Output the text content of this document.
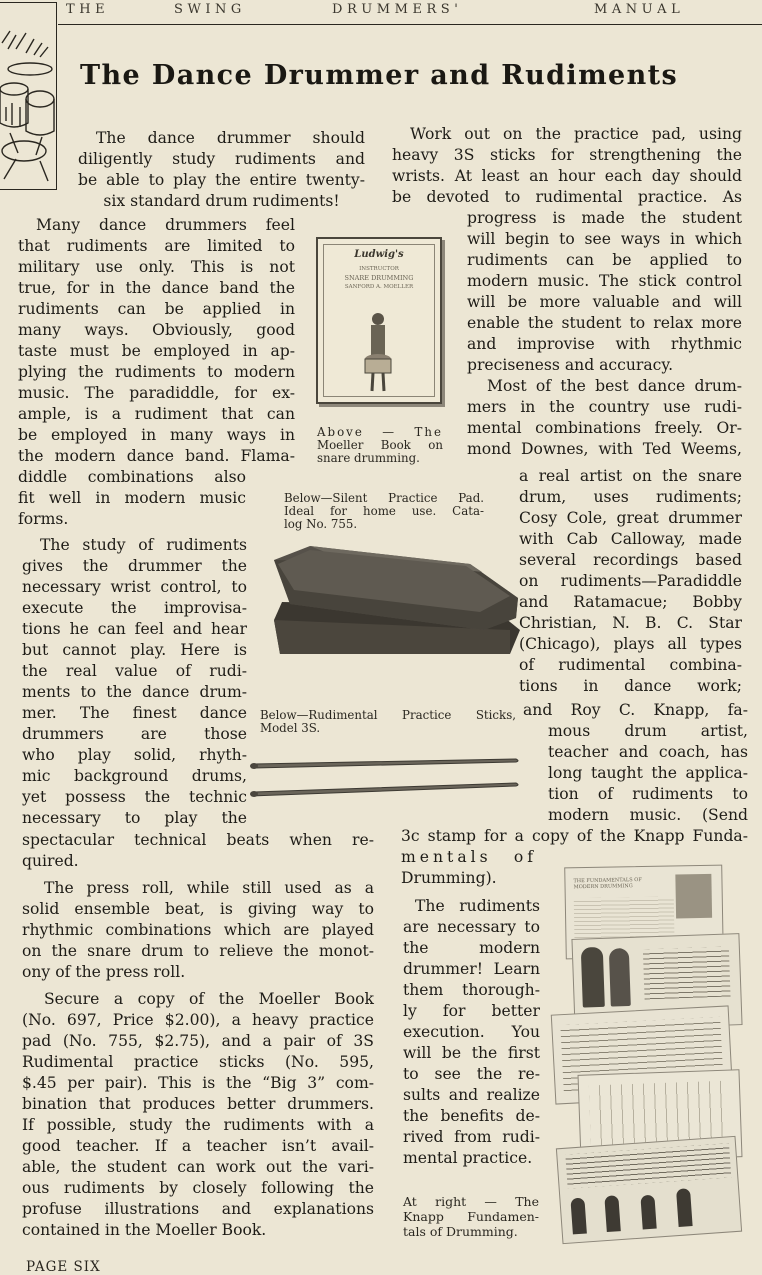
T H E	S W I N G	D R U M M E R S '	M A N U A L
The Dance Drummer and Rudiments
The dance drummer should
diligently study rudiments and
be able to play the entire twenty-
six standard drum rudiments!
Many dance drummers feel
that rudiments are limited to
military use only. This is not
true, for in the dance band the
rudiments can be applied in
many ways. Obviously, good
taste must be employed in ap-
plying the rudiments to modern
music. The paradiddle, for ex-
ample, is a rudiment that can
be employed in many ways in
the modern dance band. Flama-
diddle combinations also
fit well in modern music
forms.
The study of rudiments
gives the drummer the
necessary wrist control, to
execute the improvisa-
tions he can feel and hear
but cannot play. Here is
the real value of rudi-
ments to the dance drum-
mer. The finest dance
drummers are those
who play solid, rhyth-
mic background drums,
yet possess the technic
necessary to play the
spectacular technical beats when re-
quired.
The press roll, while still used as a
solid ensemble beat, is giving way to
rhythmic combinations which are played
on the snare drum to relieve the monot-
ony of the press roll.
Secure a copy of the Moeller Book
(No. 697, Price $2.00), a heavy practice
pad (No. 755, $2.75), and a pair of 3S
Rudimental practice sticks (No. 595,
$.45 per pair). This is the “Big 3” com-
bination that produces better drummers.
If possible, study the rudiments with a
good teacher. If a teacher isn’t avail-
able, the student can work out the vari-
ous rudiments by closely following the
profuse illustrations and explanations
contained in the Moeller Book.
Work out on the practice pad, using
heavy 3S sticks for strengthening the
wrists. At least an hour each day should
be devoted to rudimental practice. As
progress is made the student
will begin to see ways in which
rudiments can be applied to
modern music. The stick control
will be more valuable and will
enable the student to relax more
and improvise with rhythmic
preciseness and accuracy.
Most of the best dance drum-
mers in the country use rudi-
mental combinations freely. Or-
mond Downes, with Ted Weems,
a real artist on the snare
drum, uses rudiments;
Cosy Cole, great drummer
with Cab Calloway, made
several recordings based
on rudiments—Paradiddle
and Ratamacue; Bobby
Christian, N. B. C. Star
(Chicago), plays all types
of rudimental combina-
tions in dance work;
and Roy C. Knapp, fa-
mous drum artist,
teacher and coach, has
long taught the applica-
tion of rudiments to
modern music. (Send
3c stamp for a copy of the Knapp Funda-
mentals of
Drumming).
The rudiments
are necessary to
the modern
drummer! Learn
them thorough-
ly for better
execution. You
will be the first
to see the re-
sults and realize
the benefits de-
rived from rudi-
mental practice.
Ludwig's
INSTRUCTOR
SNARE DRUMMING
SANFORD A. MOELLER
Above — The
Moeller Book on
snare drumming.
Below—Silent Practice Pad.
Ideal for home use. Cata-
log No. 755.
Below—Rudimental Practice Sticks,
Model 3S.
THE FUNDAMENTALS OF
MODERN DRUMMING
At right — The
Knapp Fundamen-
tals of Drumming.
PAGE SIX
